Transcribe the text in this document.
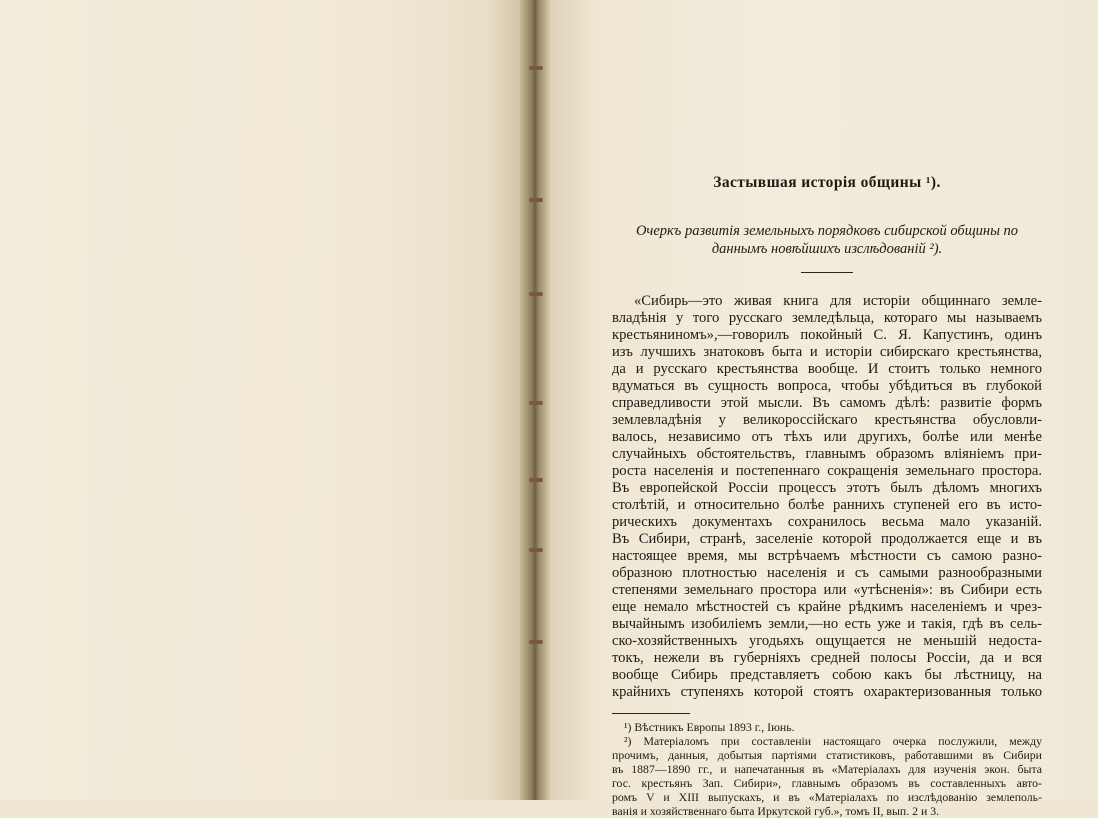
Застывшая исторія общины ¹).
Очеркъ развитія земельныхъ порядковъ сибирской общины по
даннымъ новѣйшихъ изслѣдованій ²).
«Сибирь—это живая книга для исторіи общиннаго земле-
владѣнія у того русскаго земледѣльца, котораго мы называемъ
крестьяниномъ»,—говорилъ покойный С. Я. Капустинъ, одинъ
изъ лучшихъ знатоковъ быта и исторіи сибирскаго крестьянства,
да и русскаго крестьянства вообще. И стоитъ только немного
вдуматься въ сущность вопроса, чтобы убѣдиться въ глубокой
справедливости этой мысли. Въ самомъ дѣлѣ: развитіе формъ
землевладѣнія у великороссійскаго крестьянства обусловли-
валось, независимо отъ тѣхъ или другихъ, болѣе или менѣе
случайныхъ обстоятельствъ, главнымъ образомъ вліяніемъ при-
роста населенія и постепеннаго сокращенія земельнаго простора.
Въ европейской Россіи процессъ этотъ былъ дѣломъ многихъ
столѣтій, и относительно болѣе раннихъ ступеней его въ исто-
рическихъ документахъ сохранилось весьма мало указаній.
Въ Сибири, странѣ, заселеніе которой продолжается еще и въ
настоящее время, мы встрѣчаемъ мѣстности съ самою разно-
образною плотностью населенія и съ самыми разнообразными
степенями земельнаго простора или «утѣсненія»: въ Сибири есть
еще немало мѣстностей съ крайне рѣдкимъ населеніемъ и чрез-
вычайнымъ изобиліемъ земли,—но есть уже и такія, гдѣ въ сель-
ско-хозяйственныхъ угодьяхъ ощущается не меньшій недоста-
токъ, нежели въ губерніяхъ средней полосы Россіи, да и вся
вообще Сибирь представляетъ собою какъ бы лѣстницу, на
крайнихъ ступеняхъ которой стоятъ охарактеризованныя только
¹) Вѣстникъ Европы 1893 г., Іюнь.
²) Матеріаломъ при составленіи настоящаго очерка послужили, между
прочимъ, данныя, добытыя партіями статистиковъ, работавшими въ Сибири
въ 1887—1890 гг., и напечатанныя въ «Матеріалахъ для изученія экон. быта
гос. крестьянъ Зап. Сибири», главнымъ образомъ въ составленныхъ авто-
ромъ V и XIII выпускахъ, и въ «Матеріалахъ по изслѣдованію землеполь-
ванія и хозяйственнаго быта Иркутской губ.», томъ II, вып. 2 и 3.
